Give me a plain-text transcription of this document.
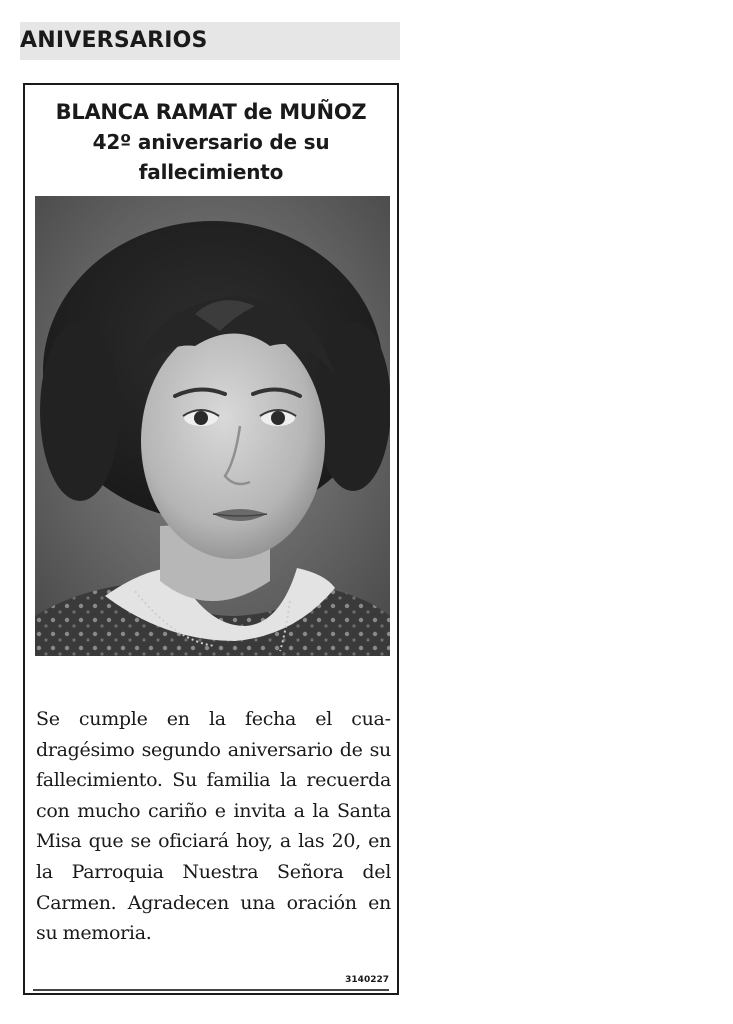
ANIVERSARIOS
BLANCA RAMAT de MUÑOZ
42º aniversario de su fallecimiento
Se cumple en la fecha el cuadragésimo segundo aniversario de su fallecimiento. Su familia la recuerda con mucho cariño e invita a la Santa Misa que se oficiará hoy, a las 20, en la Parroquia Nuestra Señora del Carmen. Agradecen una oración en su memoria.
3140227
